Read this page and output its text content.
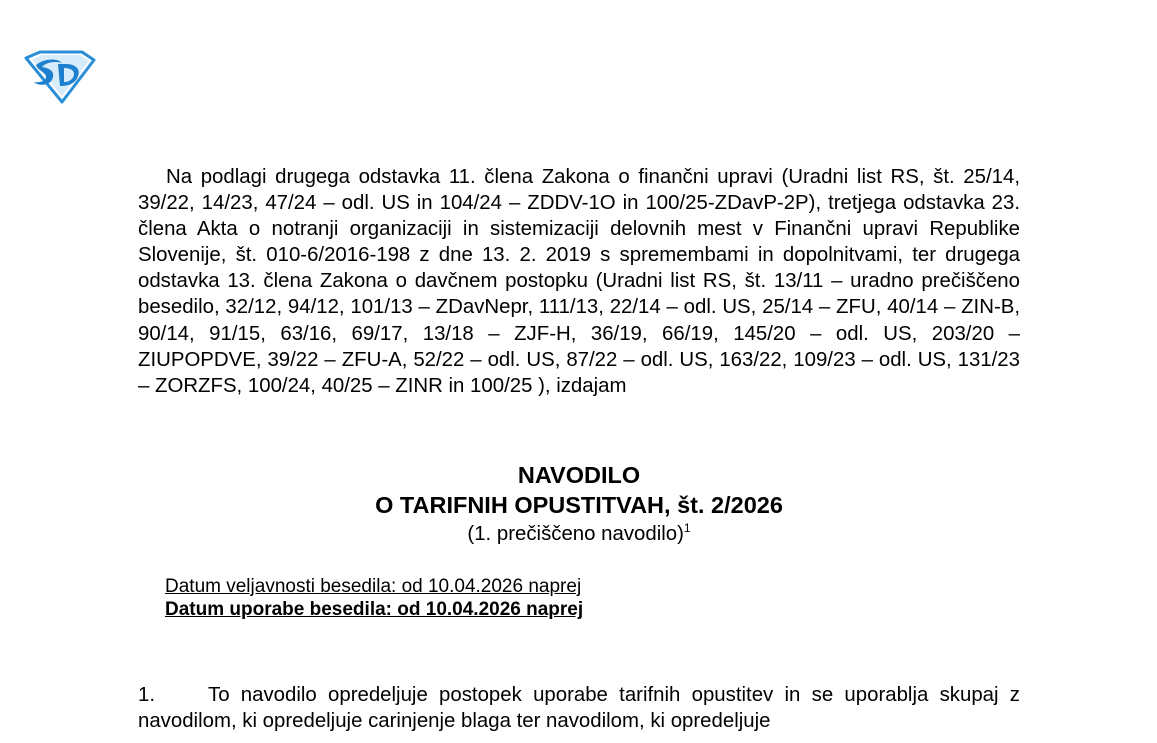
Na podlagi drugega odstavka 11. člena Zakona o finančni upravi (Uradni list RS, št. 25/14, 39/22, 14/23, 47/24 – odl. US in 104/24 – ZDDV-1O in 100/25-ZDavP-2P), tretjega odstavka 23. člena Akta o notranji organizaciji in sistemizaciji delovnih mest v Finančni upravi Republike Slovenije, št. 010-6/2016-198 z dne 13. 2. 2019 s spremembami in dopolnitvami, ter drugega odstavka 13. člena Zakona o davčnem postopku (Uradni list RS, št. 13/11 – uradno prečiščeno besedilo, 32/12, 94/12, 101/13 – ZDavNepr, 111/13, 22/14 – odl. US, 25/14 – ZFU, 40/14 – ZIN-B, 90/14, 91/15, 63/16, 69/17, 13/18 – ZJF-H, 36/19, 66/19, 145/20 – odl. US, 203/20 – ZIUPOPDVE, 39/22 – ZFU-A, 52/22 – odl. US, 87/22 – odl. US, 163/22, 109/23 – odl. US, 131/23 – ZORZFS, 100/24, 40/25 – ZINR in 100/25 ), izdajam

NAVODILO
O TARIFNIH OPUSTITVAH, št. 2/2026
(1. prečiščeno navodilo)$^1$
Datum veljavnosti besedila: od 10.04.2026 naprej
Datum uporabe besedila: od 10.04.2026 naprej

1.	To navodilo opredeljuje postopek uporabe tarifnih opustitev in se uporablja skupaj z navodilom, ki opredeljuje carinjenje blaga ter navodilom, ki opredeljuje
